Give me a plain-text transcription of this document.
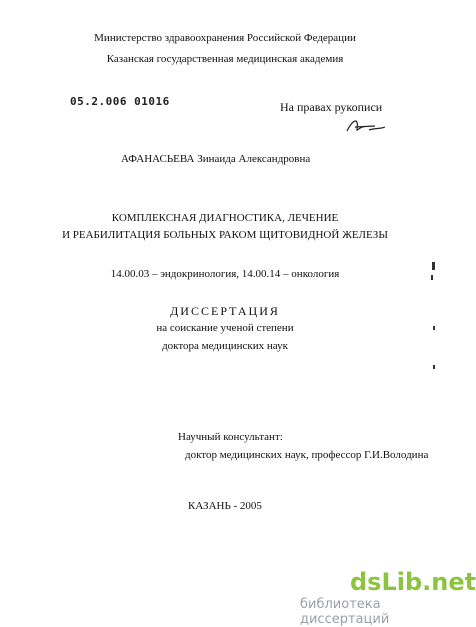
Министерство здравоохранения Российской Федерации
Казанская государственная медицинская академия
05.2.006 01016	На правах рукописи
АФАНАСЬЕВА Зинаида Александровна
КОМПЛЕКСНАЯ ДИАГНОСТИКА, ЛЕЧЕНИЕ
И РЕАБИЛИТАЦИЯ БОЛЬНЫХ РАКОМ ЩИТОВИДНОЙ ЖЕЛЕЗЫ
14.00.03 – эндокринология, 14.00.14 – онкология
ДИССЕРТАЦИЯ
на соискание ученой степени
доктора медицинских наук
Научный консультант:
доктор медицинских наук, профессор Г.И.Володина
КАЗАНЬ - 2005
dsLib.net
библиотека диссертаций
